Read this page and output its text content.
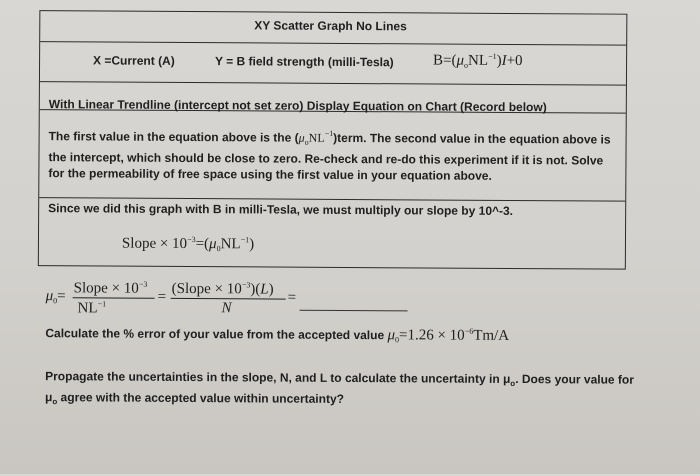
XY Scatter Graph No Lines
X =Current (A)	Y = B field strength (milli-Tesla)	$B=(\mu_oNL^{-1})I+0$
With Linear Trendline (intercept not set zero) Display Equation on Chart (Record below)
The first value in the equation above is the $(\mu_oNL^{-1})term$. The second value in the equation above is the intercept, which should be close to zero. Re-check and re-do this experiment if it is not. Solve for the permeability of free space using the first value in your equation above.
Since we did this graph with B in milli-Tesla, we must multiply our slope by 10^-3.
Slope × $10^{-3}=(\mu_0NL^{-1})$
$\mu_0=$ Slope × $10^{-3}$
$NL^{-1}$	= (Slope × $10^{-3})(L)$
N
=
Calculate the % error of your value from the accepted value $\mu_0=1.26 \times 10^{-6}Tm/A$
Propagate the uncertainties in the slope, N, and L to calculate the uncertainty in $\mu_o$. Does your value for $\mu_o$ agree with the accepted value within uncertainty?
